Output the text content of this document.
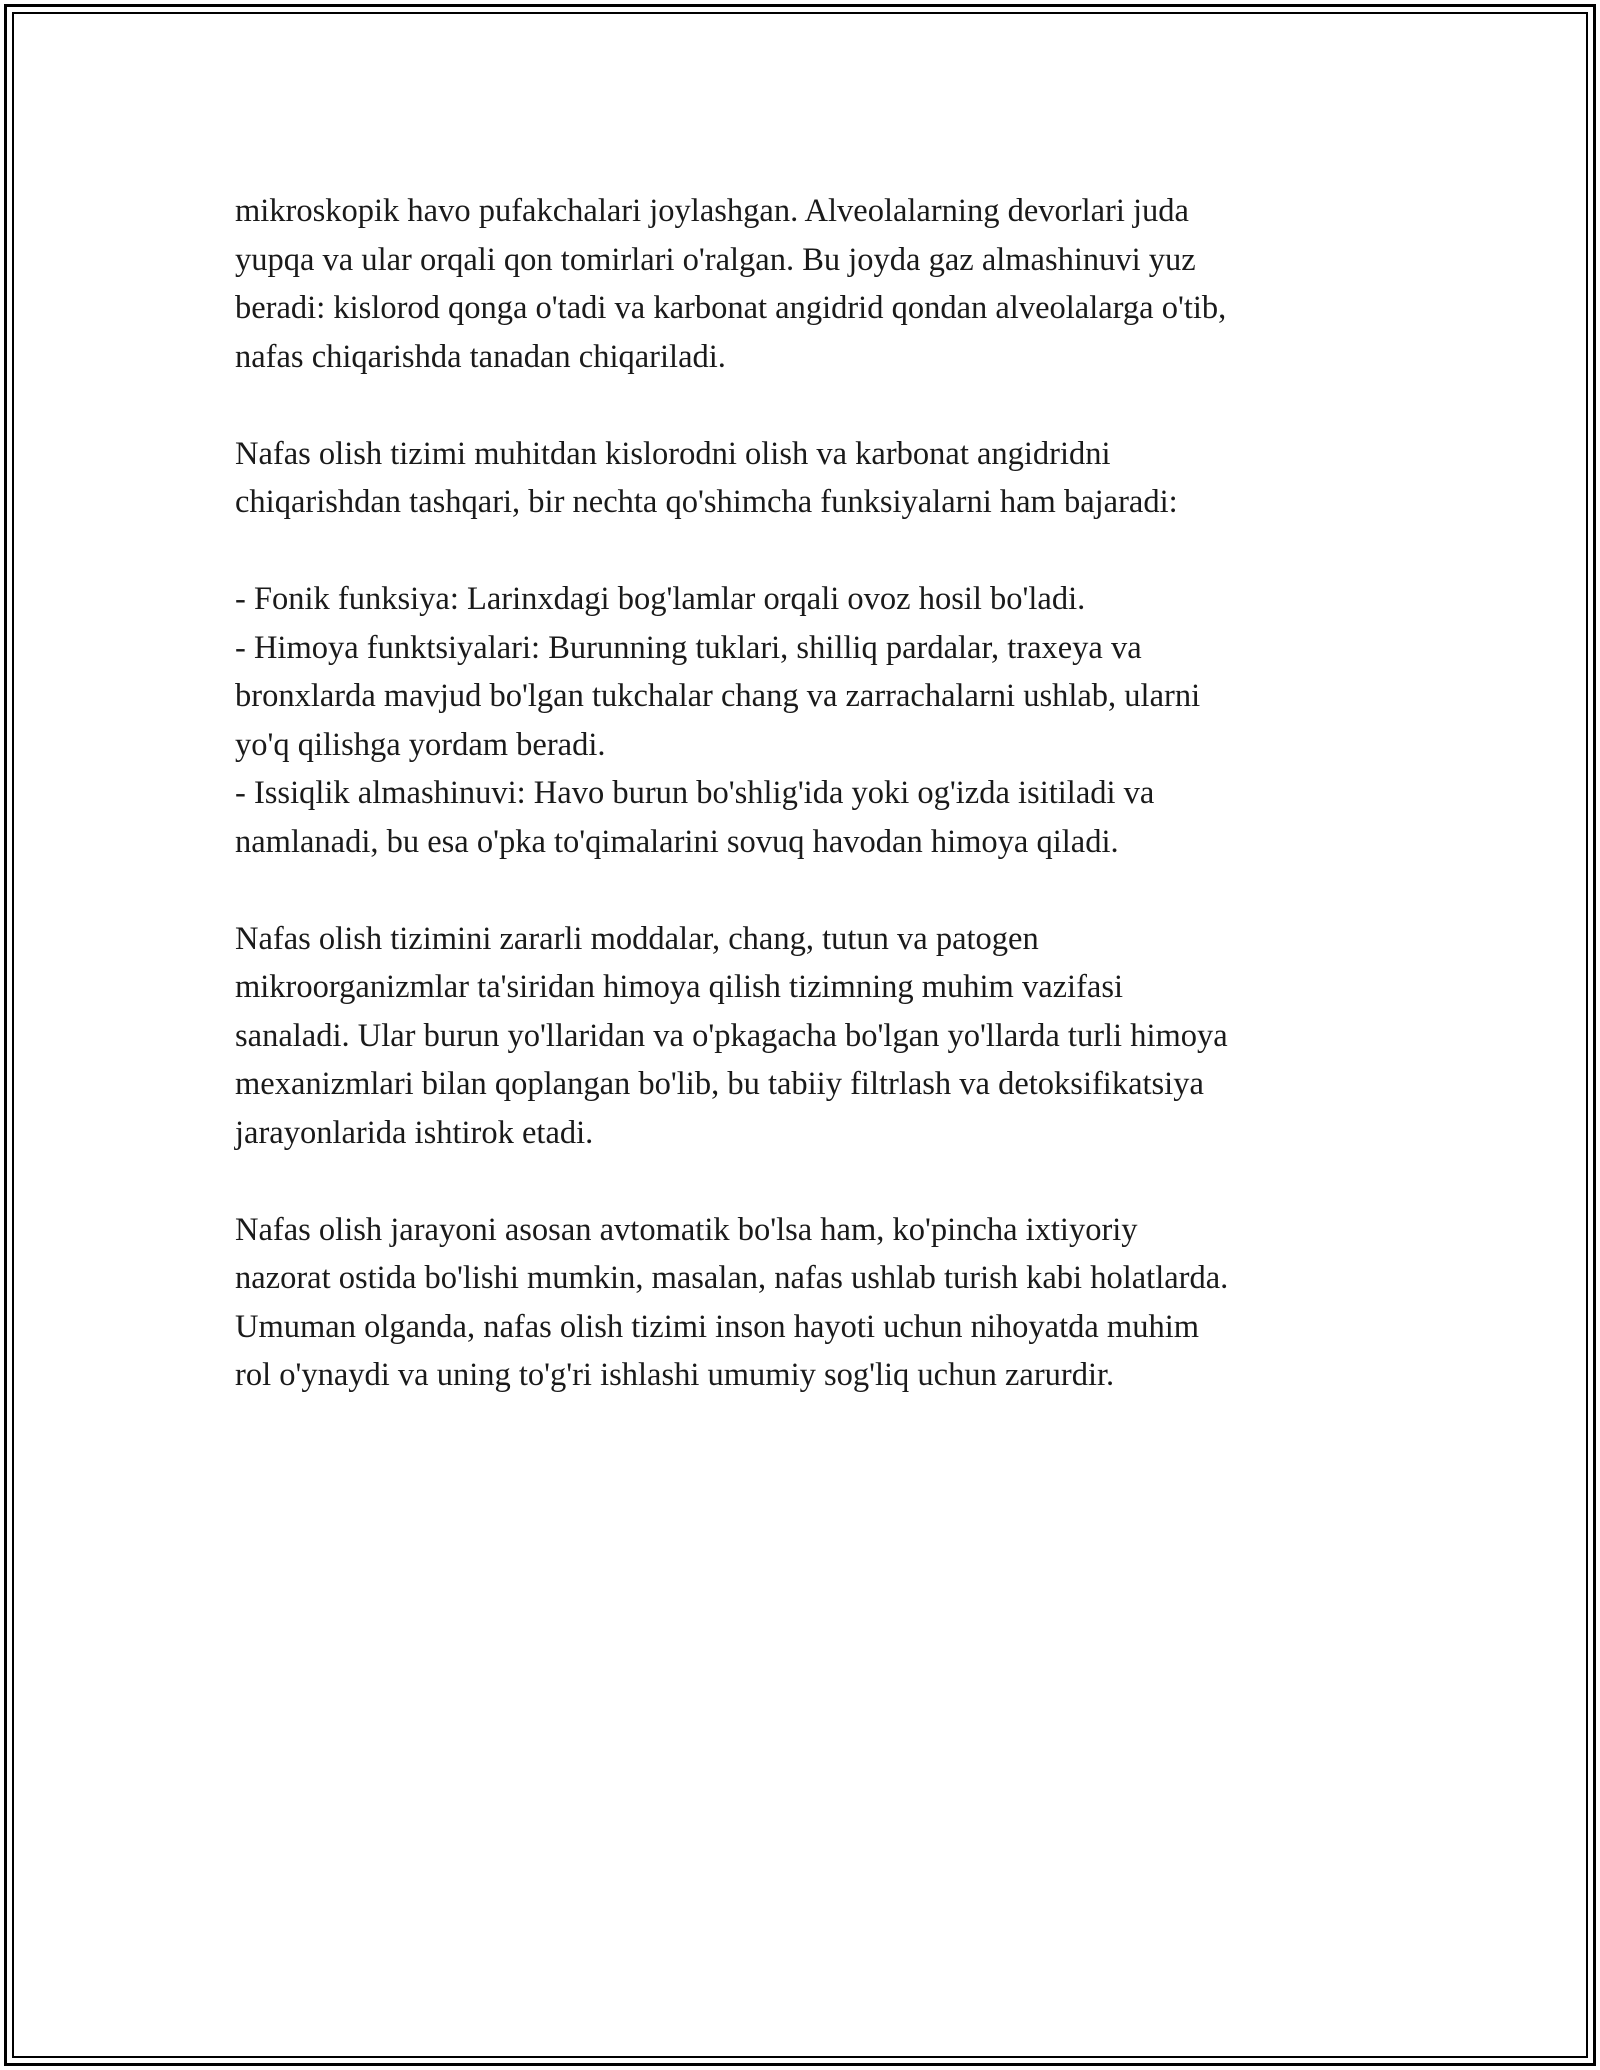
mikroskopik havo pufakchalari joylashgan. Alveolalarning devorlari juda
yupqa va ular orqali qon tomirlari o'ralgan. Bu joyda gaz almashinuvi yuz
beradi: kislorod qonga o'tadi va karbonat angidrid qondan alveolalarga o'tib,
nafas chiqarishda tanadan chiqariladi.
Nafas olish tizimi muhitdan kislorodni olish va karbonat angidridni
chiqarishdan tashqari, bir nechta qo'shimcha funksiyalarni ham bajaradi:
- Fonik funksiya: Larinxdagi bog'lamlar orqali ovoz hosil bo'ladi.
- Himoya funktsiyalari: Burunning tuklari, shilliq pardalar, traxeya va
bronxlarda mavjud bo'lgan tukchalar chang va zarrachalarni ushlab, ularni
yo'q qilishga yordam beradi.
- Issiqlik almashinuvi: Havo burun bo'shlig'ida yoki og'izda isitiladi va
namlanadi, bu esa o'pka to'qimalarini sovuq havodan himoya qiladi.
Nafas olish tizimini zararli moddalar, chang, tutun va patogen
mikroorganizmlar ta'siridan himoya qilish tizimning muhim vazifasi
sanaladi. Ular burun yo'llaridan va o'pkagacha bo'lgan yo'llarda turli himoya
mexanizmlari bilan qoplangan bo'lib, bu tabiiy filtrlash va detoksifikatsiya
jarayonlarida ishtirok etadi.
Nafas olish jarayoni asosan avtomatik bo'lsa ham, ko'pincha ixtiyoriy
nazorat ostida bo'lishi mumkin, masalan, nafas ushlab turish kabi holatlarda.
Umuman olganda, nafas olish tizimi inson hayoti uchun nihoyatda muhim
rol o'ynaydi va uning to'g'ri ishlashi umumiy sog'liq uchun zarurdir.
